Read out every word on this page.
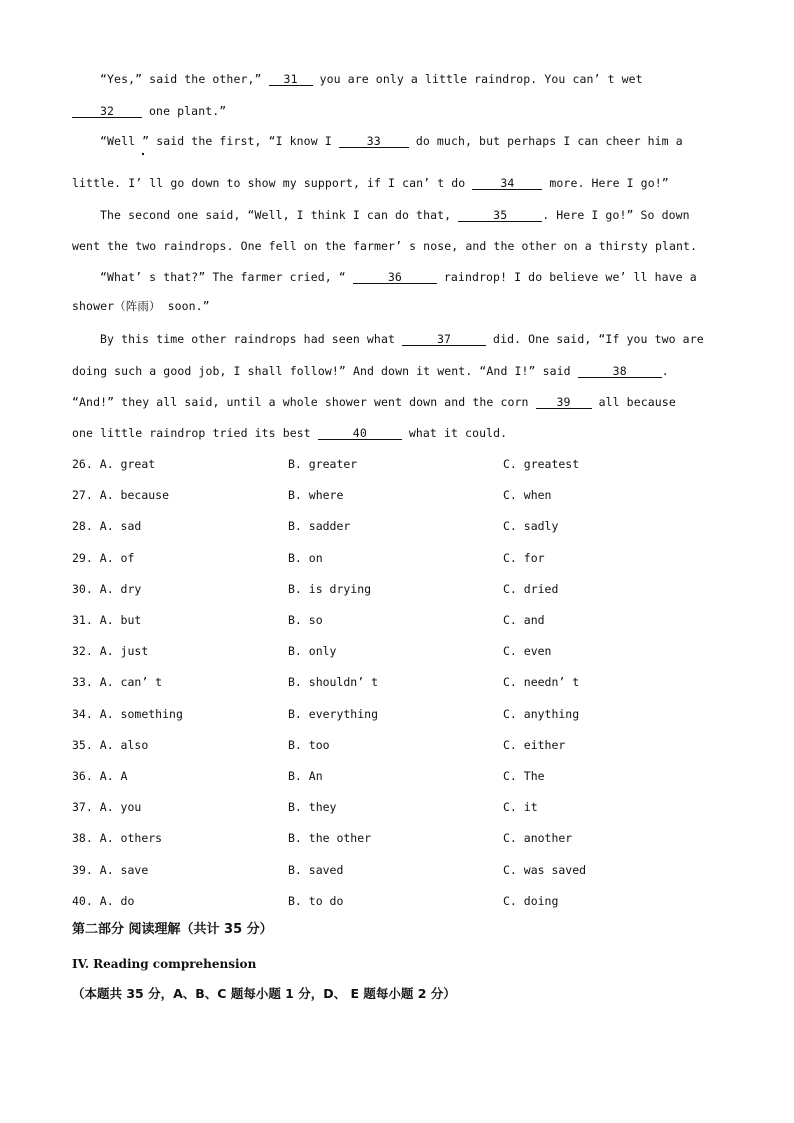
“Yes,” said the other,” 31 you are only a little raindrop. You can’ t wet
32 one plant.”
“Well ” said the first, “I know I 33 do much, but perhaps I can cheer him a
little. I’ ll go down to show my support, if I can’ t do 34 more. Here I go!”
The second one said, “Well, I think I can do that,	35	. Here I go!” So down
went the two raindrops. One fell on the farmer’ s nose, and the other on a thirsty plant.
“What’ s that?” The farmer cried, “	36	raindrop! I do believe we’ ll have a
shower（阵雨） soon.”
By this time other raindrops had seen what	37	did. One said, “If you two are
doing such a good job, I shall follow!” And down it went. “And I!” said	38	.
“And!” they all said, until a whole shower went down and the corn 39 all because
one little raindrop tried its best	40	what it could.
26. A. great	B. greater	C. greatest
27. A. because	B. where	C. when
28. A. sad	B. sadder	C. sadly
29. A. of	B. on	C. for
30. A. dry	B. is drying	C. dried
31. A. but	B. so	C. and
32. A. just	B. only	C. even
33. A. can’ t	B. shouldn’ t	C. needn’ t
34. A. something	B. everything	C. anything
35. A. also	B. too	C. either
36. A. A	B. An	C. The
37. A. you	B. they	C. it
38. A. others	B. the other	C. another
39. A. save	B. saved	C. was saved
40. A. do	B. to do	C. doing
第二部分 阅读理解（共计 35 分）
IV. Reading comprehension
（本题共 35 分，A、B、C 题每小题 1 分，D、 E 题每小题 2 分）
